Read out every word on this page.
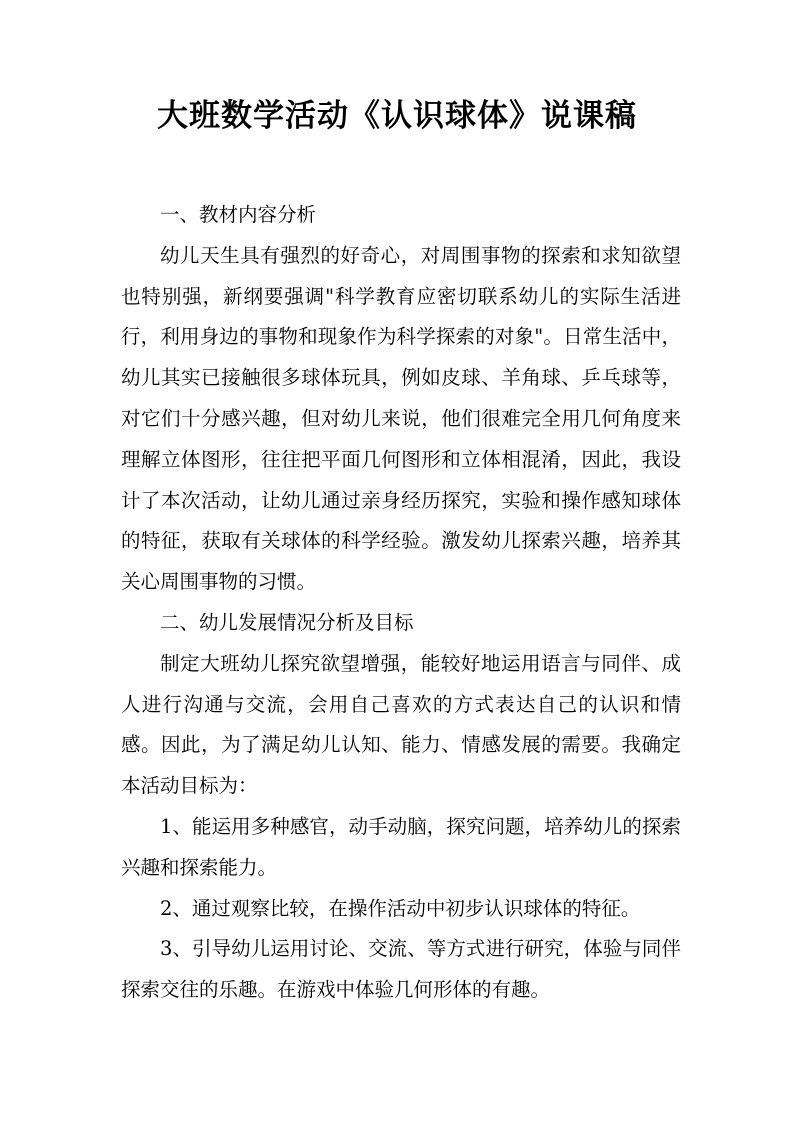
大班数学活动《认识球体》说课稿

一、教材内容分析

幼儿天生具有强烈的好奇心，对周围事物的探索和求知欲望也特别强，新纲要强调"科学教育应密切联系幼儿的实际生活进行，利用身边的事物和现象作为科学探索的对象"。日常生活中，幼儿其实已接触很多球体玩具，例如皮球、羊角球、乒乓球等，对它们十分感兴趣，但对幼儿来说，他们很难完全用几何角度来理解立体图形，往往把平面几何图形和立体相混淆，因此，我设计了本次活动，让幼儿通过亲身经历探究，实验和操作感知球体的特征，获取有关球体的科学经验。激发幼儿探索兴趣，培养其关心周围事物的习惯。

二、幼儿发展情况分析及目标

制定大班幼儿探究欲望增强，能较好地运用语言与同伴、成人进行沟通与交流，会用自己喜欢的方式表达自己的认识和情感。因此，为了满足幼儿认知、能力、情感发展的需要。我确定本活动目标为：

1、能运用多种感官，动手动脑，探究问题，培养幼儿的探索兴趣和探索能力。

2、通过观察比较，在操作活动中初步认识球体的特征。

3、引导幼儿运用讨论、交流、等方式进行研究，体验与同伴探索交往的乐趣。在游戏中体验几何形体的有趣。
